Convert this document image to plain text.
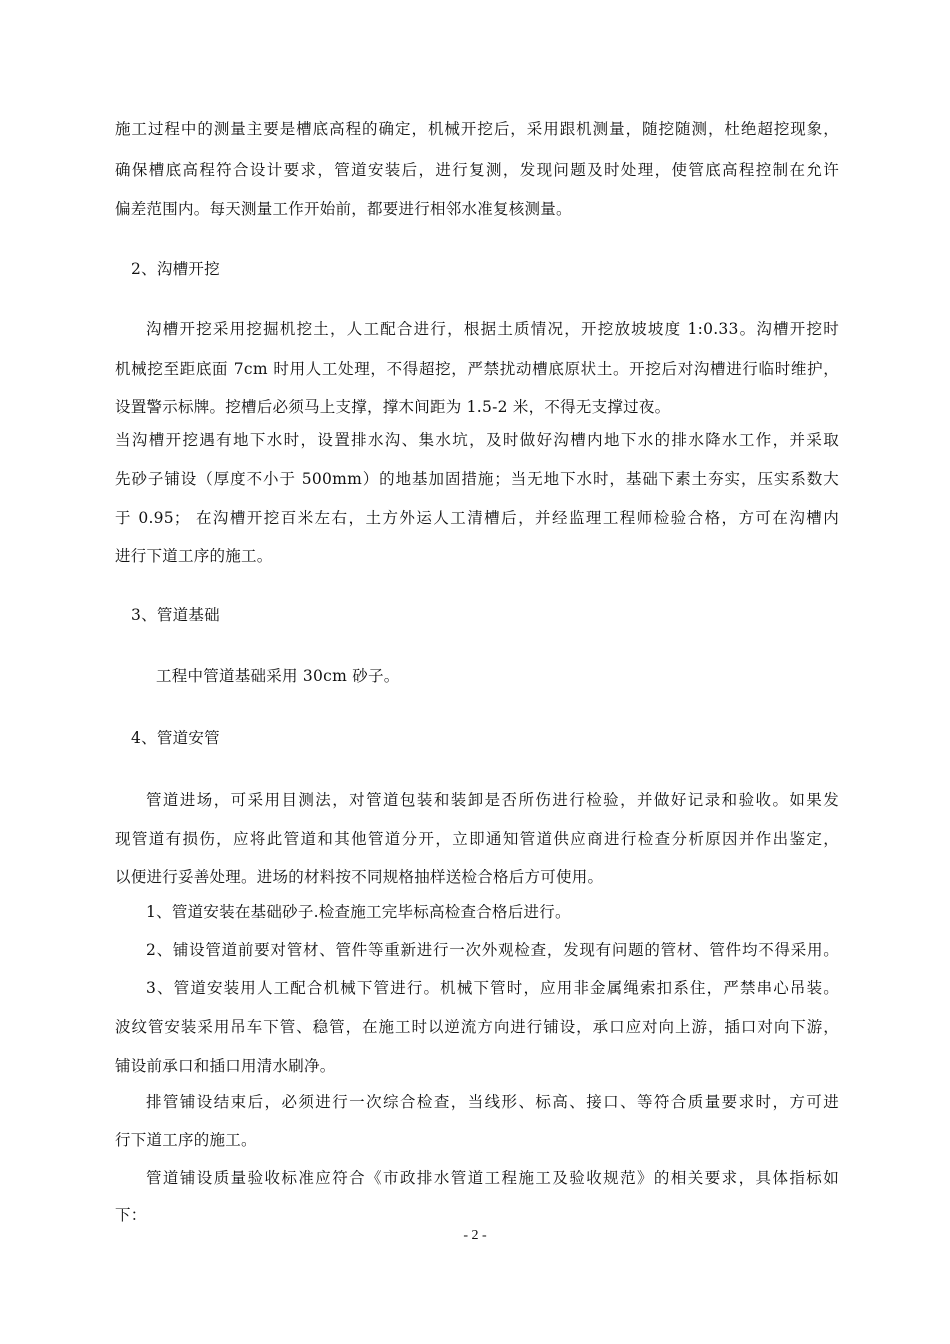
施工过程中的测量主要是槽底高程的确定，机械开挖后，采用跟机测量，随挖随测，杜绝超挖现象，
确保槽底高程符合设计要求，管道安装后，进行复测，发现问题及时处理，使管底高程控制在允许
偏差范围内。每天测量工作开始前，都要进行相邻水准复核测量。
2、沟槽开挖
沟槽开挖采用挖掘机挖土，人工配合进行，根据土质情况，开挖放坡坡度 1:0.33。沟槽开挖时
机械挖至距底面 7cm 时用人工处理，不得超挖，严禁扰动槽底原状土。开挖后对沟槽进行临时维护，
设置警示标牌。挖槽后必须马上支撑，撑木间距为 1.5-2 米，不得无支撑过夜。
当沟槽开挖遇有地下水时，设置排水沟、集水坑，及时做好沟槽内地下水的排水降水工作，并采取
先砂子铺设（厚度不小于 500mm）的地基加固措施；当无地下水时，基础下素土夯实，压实系数大
于 0.95； 在沟槽开挖百米左右，土方外运人工清槽后，并经监理工程师检验合格，方可在沟槽内
进行下道工序的施工。
3、管道基础
工程中管道基础采用 30cm 砂子。
4、管道安管
管道进场，可采用目测法，对管道包装和装卸是否所伤进行检验，并做好记录和验收。如果发
现管道有损伤，应将此管道和其他管道分开，立即通知管道供应商进行检查分析原因并作出鉴定，
以便进行妥善处理。进场的材料按不同规格抽样送检合格后方可使用。
1、管道安装在基础砂子.检查施工完毕标高检查合格后进行。
2、铺设管道前要对管材、管件等重新进行一次外观检查，发现有问题的管材、管件均不得采用。
3、管道安装用人工配合机械下管进行。机械下管时，应用非金属绳索扣系住，严禁串心吊装。
波纹管安装采用吊车下管、稳管，在施工时以逆流方向进行铺设，承口应对向上游，插口对向下游，
铺设前承口和插口用清水刷净。
排管铺设结束后，必须进行一次综合检查，当线形、标高、接口、等符合质量要求时，方可进
行下道工序的施工。
管道铺设质量验收标准应符合《市政排水管道工程施工及验收规范》的相关要求，具体指标如
下：
- 2 -
